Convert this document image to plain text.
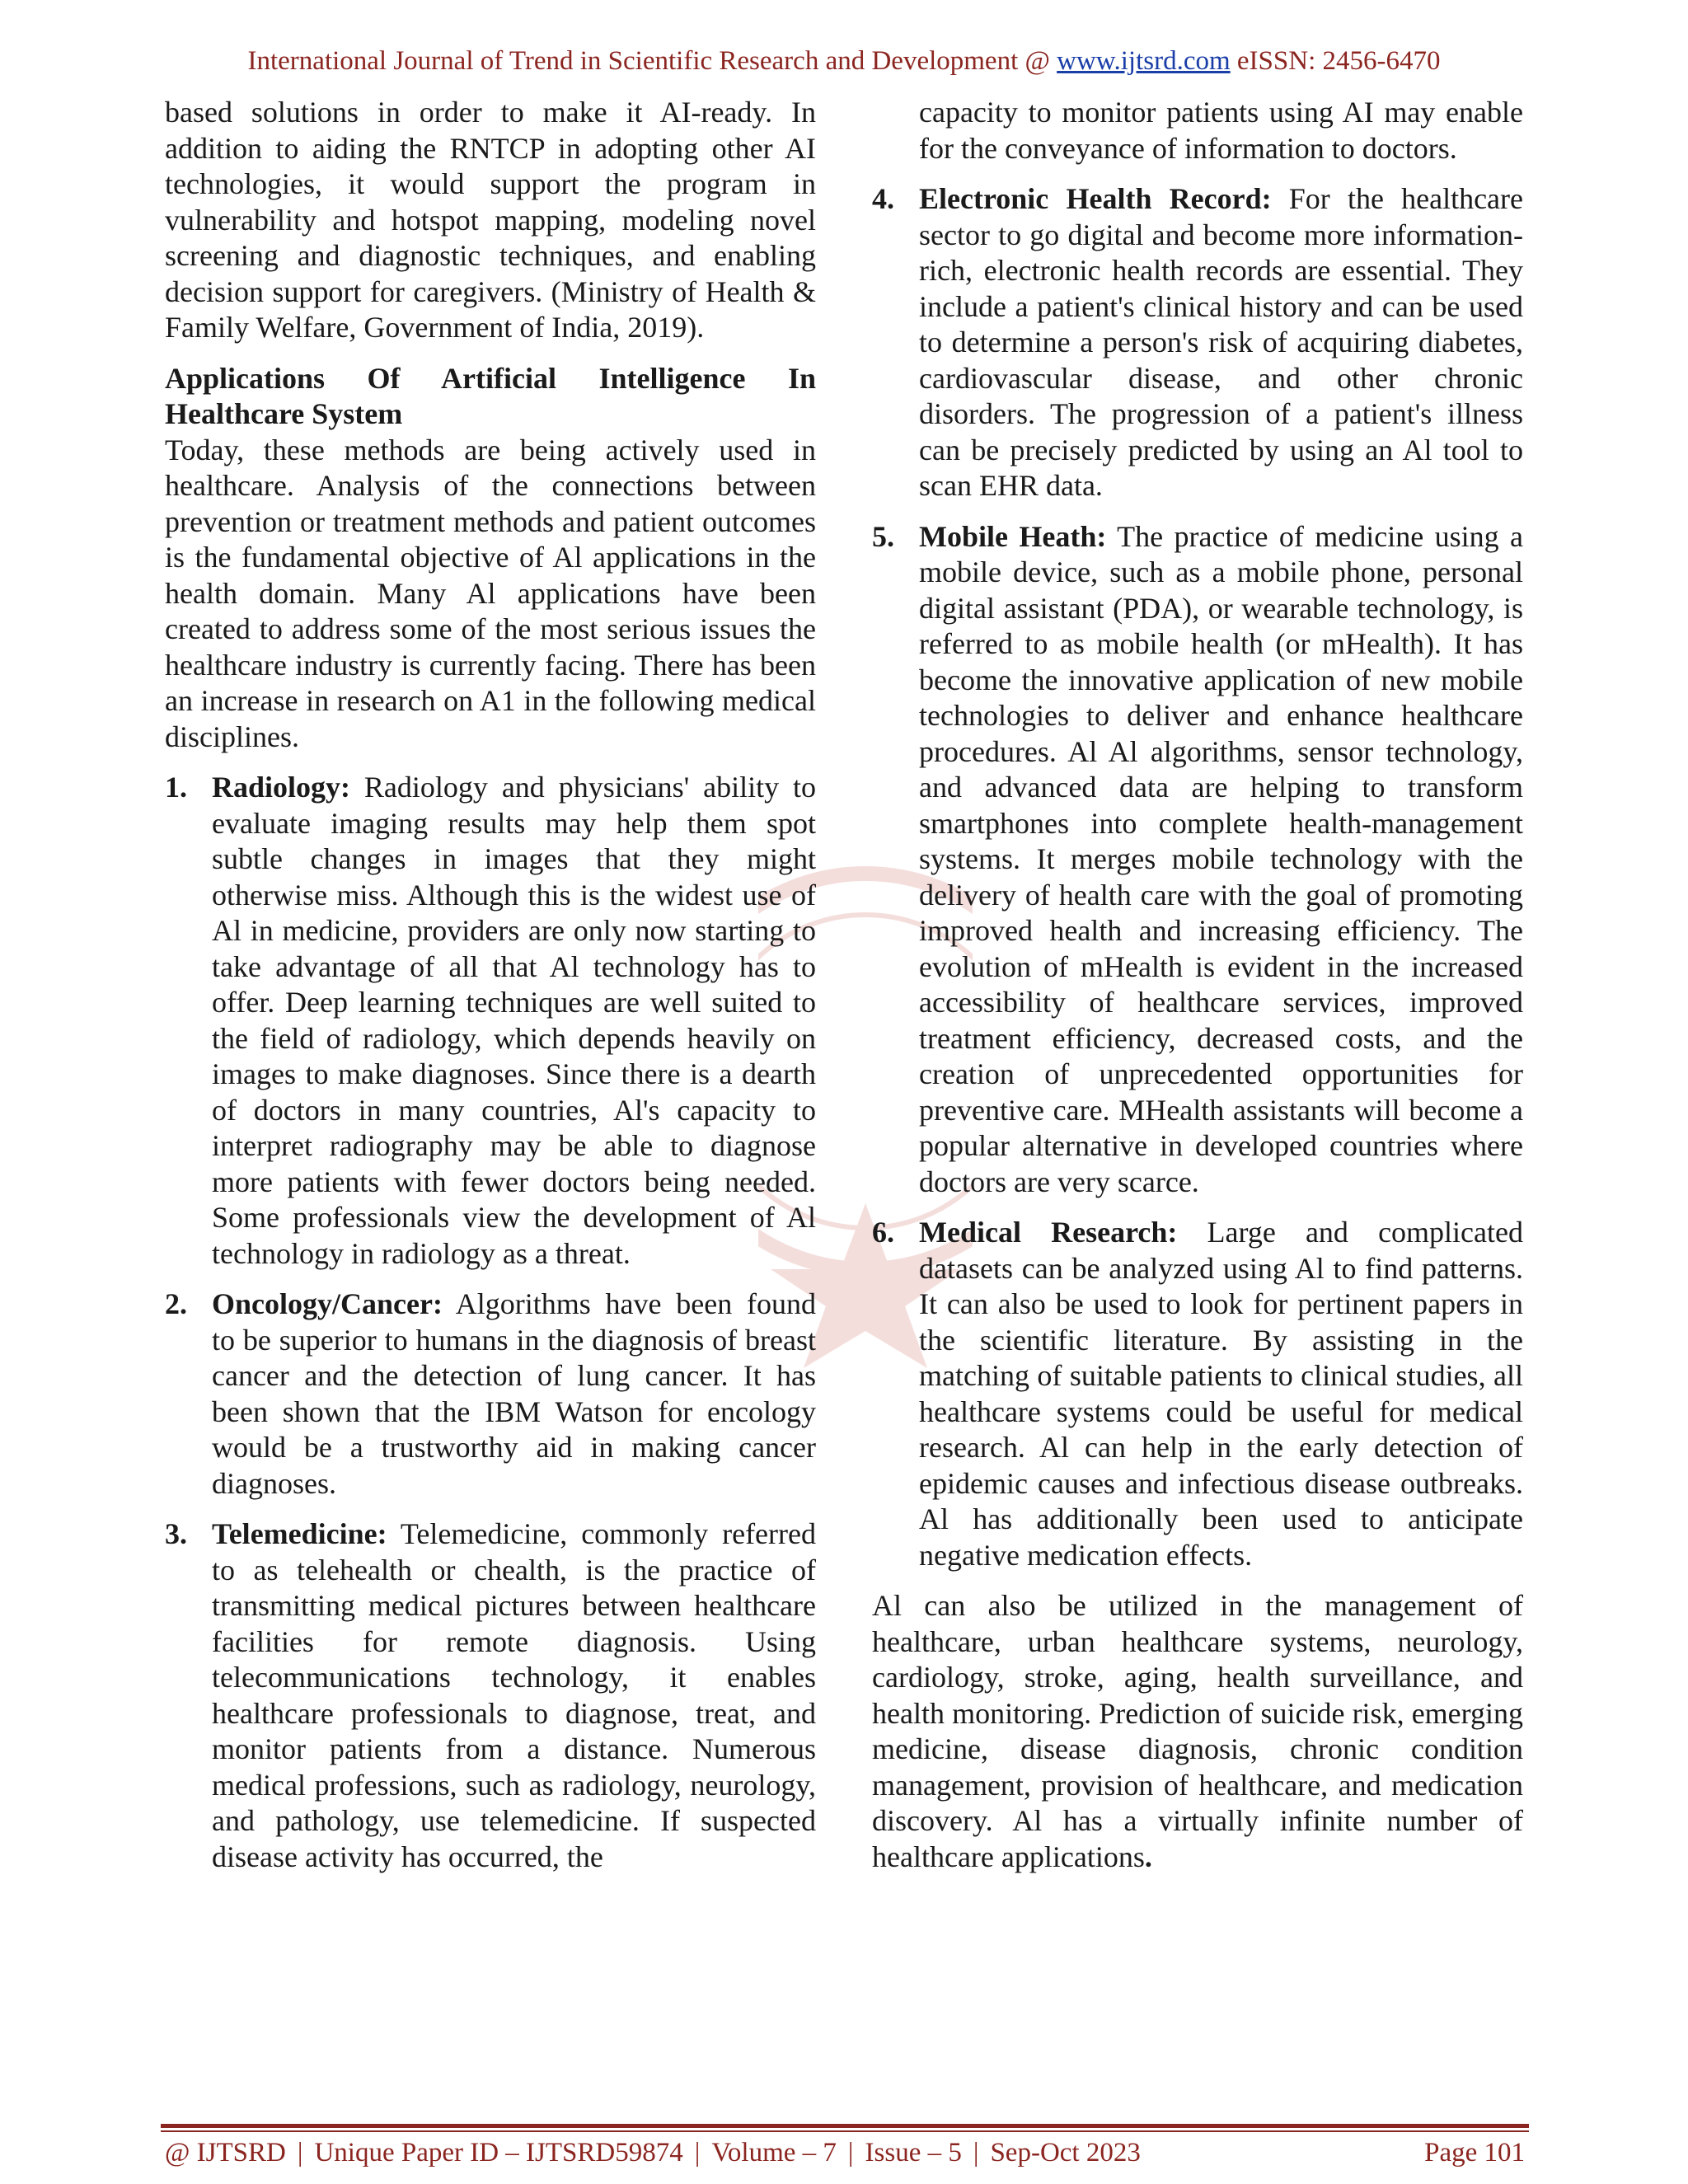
International Journal of Trend in Scientific Research and Development @ www.ijtsrd.com eISSN: 2456-6470

based solutions in order to make it AI-ready. In addition to aiding the RNTCP in adopting other AI technologies, it would support the program in vulnerability and hotspot mapping, modeling novel screening and diagnostic techniques, and enabling decision support for caregivers. (Ministry of Health & Family Welfare, Government of India, 2019).

Applications Of Artificial Intelligence In Healthcare System

Today, these methods are being actively used in healthcare. Analysis of the connections between prevention or treatment methods and patient outcomes is the fundamental objective of Al applications in the health domain. Many Al applications have been created to address some of the most serious issues the healthcare industry is currently facing. There has been an increase in research on A1 in the following medical disciplines.

1. Radiology: Radiology and physicians' ability to evaluate imaging results may help them spot subtle changes in images that they might otherwise miss. Although this is the widest use of Al in medicine, providers are only now starting to take advantage of all that Al technology has to offer. Deep learning techniques are well suited to the field of radiology, which depends heavily on images to make diagnoses. Since there is a dearth of doctors in many countries, Al's capacity to interpret radiography may be able to diagnose more patients with fewer doctors being needed. Some professionals view the development of Al technology in radiology as a threat.
2. Oncology/Cancer: Algorithms have been found to be superior to humans in the diagnosis of breast cancer and the detection of lung cancer. It has been shown that the IBM Watson for encology would be a trustworthy aid in making cancer diagnoses.
3. Telemedicine: Telemedicine, commonly referred to as telehealth or chealth, is the practice of transmitting medical pictures between healthcare facilities for remote diagnosis. Using telecommunications technology, it enables healthcare professionals to diagnose, treat, and monitor patients from a distance. Numerous medical professions, such as radiology, neurology, and pathology, use telemedicine. If suspected disease activity has occurred, the

capacity to monitor patients using AI may enable for the conveyance of information to doctors.

4. Electronic Health Record: For the healthcare sector to go digital and become more information-rich, electronic health records are essential. They include a patient's clinical history and can be used to determine a person's risk of acquiring diabetes, cardiovascular disease, and other chronic disorders. The progression of a patient's illness can be precisely predicted by using an Al tool to scan EHR data.
5. Mobile Heath: The practice of medicine using a mobile device, such as a mobile phone, personal digital assistant (PDA), or wearable technology, is referred to as mobile health (or mHealth). It has become the innovative application of new mobile technologies to deliver and enhance healthcare procedures. Al Al algorithms, sensor technology, and advanced data are helping to transform smartphones into complete health-management systems. It merges mobile technology with the delivery of health care with the goal of promoting improved health and increasing efficiency. The evolution of mHealth is evident in the increased accessibility of healthcare services, improved treatment efficiency, decreased costs, and the creation of unprecedented opportunities for preventive care. MHealth assistants will become a popular alternative in developed countries where doctors are very scarce.
6. Medical Research: Large and complicated datasets can be analyzed using Al to find patterns. It can also be used to look for pertinent papers in the scientific literature. By assisting in the matching of suitable patients to clinical studies, all healthcare systems could be useful for medical research. Al can help in the early detection of epidemic causes and infectious disease outbreaks. Al has additionally been used to anticipate negative medication effects.

Al can also be utilized in the management of healthcare, urban healthcare systems, neurology, cardiology, stroke, aging, health surveillance, and health monitoring. Prediction of suicide risk, emerging medicine, disease diagnosis, chronic condition management, provision of healthcare, and medication discovery. Al has a virtually infinite number of healthcare applications.

@ IJTSRD | Unique Paper ID – IJTSRD59874 | Volume – 7 | Issue – 5 | Sep-Oct 2023	Page 101
